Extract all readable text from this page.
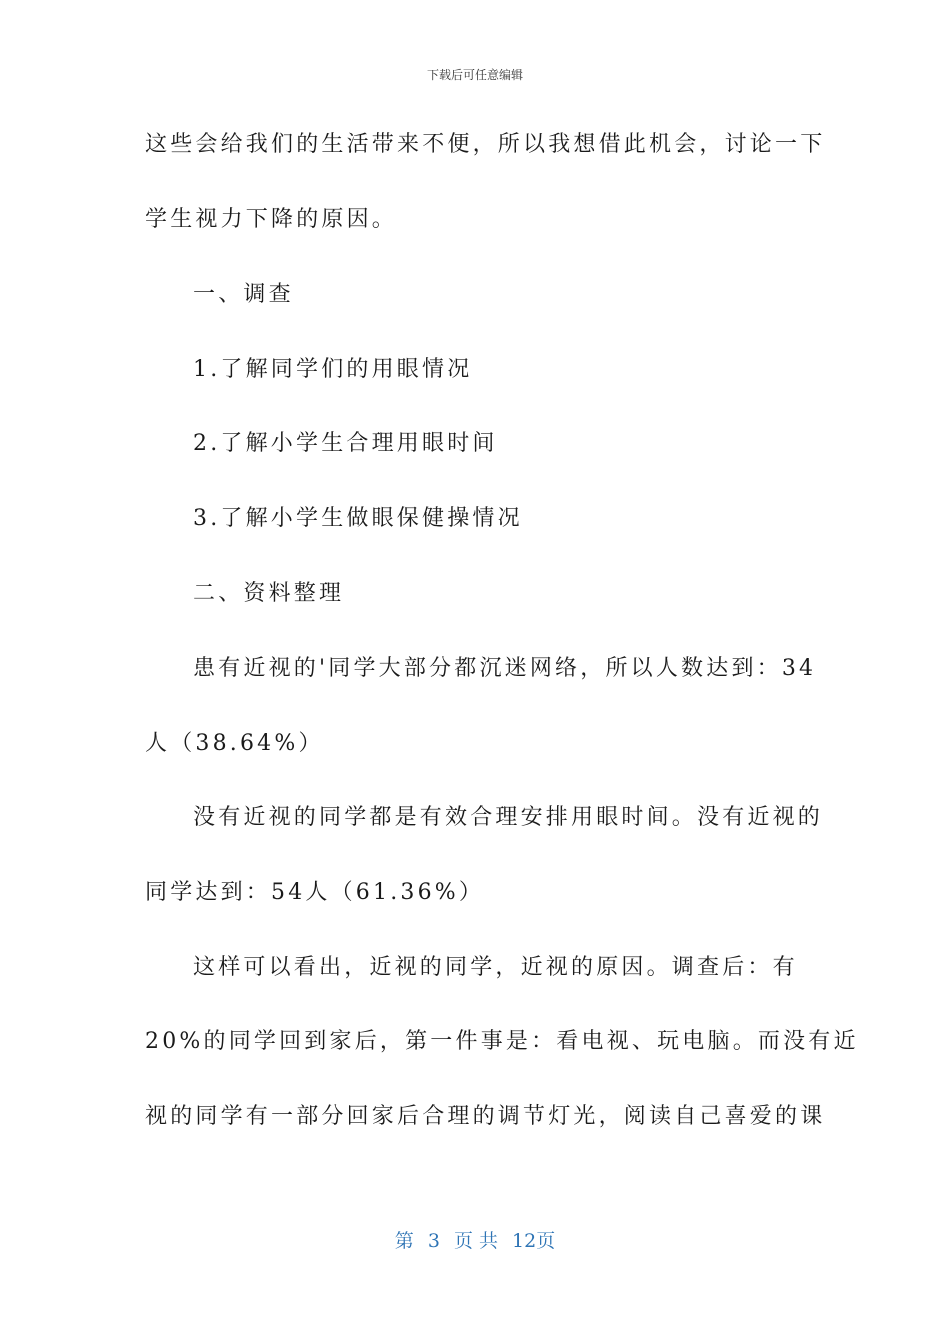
下载后可任意编辑
这些会给我们的生活带来不便，所以我想借此机会，讨论一下
学生视力下降的原因。
一、调查
1.了解同学们的用眼情况
2.了解小学生合理用眼时间
3.了解小学生做眼保健操情况
二、资料整理
患有近视的'同学大部分都沉迷网络，所以人数达到：34
人（38.64%）
没有近视的同学都是有效合理安排用眼时间。没有近视的
同学达到：54人（61.36%）
这样可以看出，近视的同学，近视的原因。调查后：有
20%的同学回到家后，第一件事是：看电视、玩电脑。而没有近
视的同学有一部分回家后合理的调节灯光，阅读自己喜爱的课
第 3 页 共 12页
